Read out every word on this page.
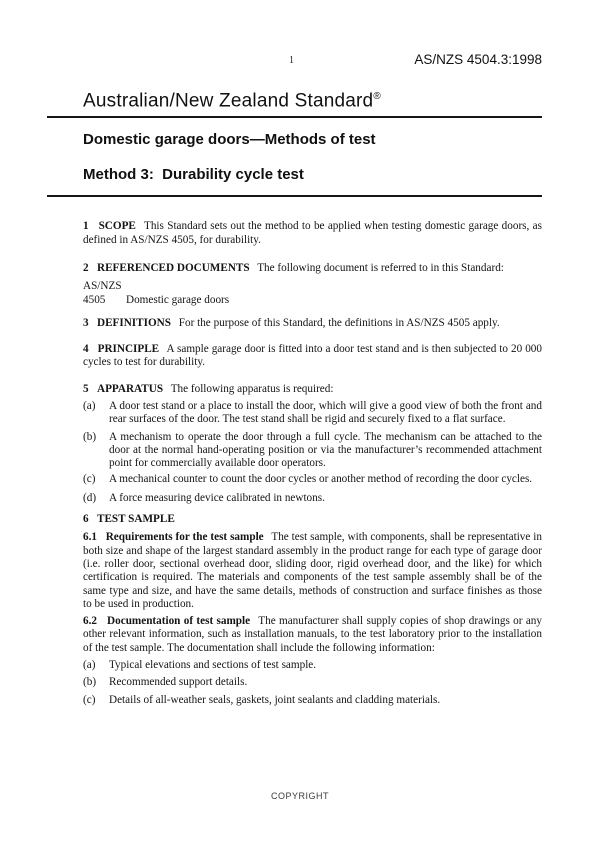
1	AS/NZS 4504.3:1998
Australian/New Zealand Standard®
Domestic garage doors—Methods of test
Method 3:  Durability cycle test

1   SCOPE This Standard sets out the method to be applied when testing domestic garage doors, as defined in AS/NZS 4505, for durability.

2   REFERENCED DOCUMENTS The following document is referred to in this Standard:

AS/NZS

4505 Domestic garage doors

3   DEFINITIONS For the purpose of this Standard, the definitions in AS/NZS 4505 apply.

4   PRINCIPLE A sample garage door is fitted into a door test stand and is then subjected to 20 000 cycles to test for durability.

5   APPARATUS The following apparatus is required:

(a) A door test stand or a place to install the door, which will give a good view of both the front and rear surfaces of the door. The test stand shall be rigid and securely fixed to a flat surface.

(b) A mechanism to operate the door through a full cycle. The mechanism can be attached to the door at the normal hand-operating position or via the manufacturer’s recommended attachment point for commercially available door operators.

(c) A mechanical counter to count the door cycles or another method of recording the door cycles.

(d) A force measuring device calibrated in newtons.

6   TEST SAMPLE

6.1   Requirements for the test sample The test sample, with components, shall be representative in both size and shape of the largest standard assembly in the product range for each type of garage door (i.e. roller door, sectional overhead door, sliding door, rigid overhead door, and the like) for which certification is required. The materials and components of the test sample assembly shall be of the same type and size, and have the same details, methods of construction and surface finishes as those to be used in production.

6.2   Documentation of test sample The manufacturer shall supply copies of shop drawings or any other relevant information, such as installation manuals, to the test laboratory prior to the installation of the test sample. The documentation shall include the following information:

(a) Typical elevations and sections of test sample.

(b) Recommended support details.

(c) Details of all-weather seals, gaskets, joint sealants and cladding materials.

COPYRIGHT
